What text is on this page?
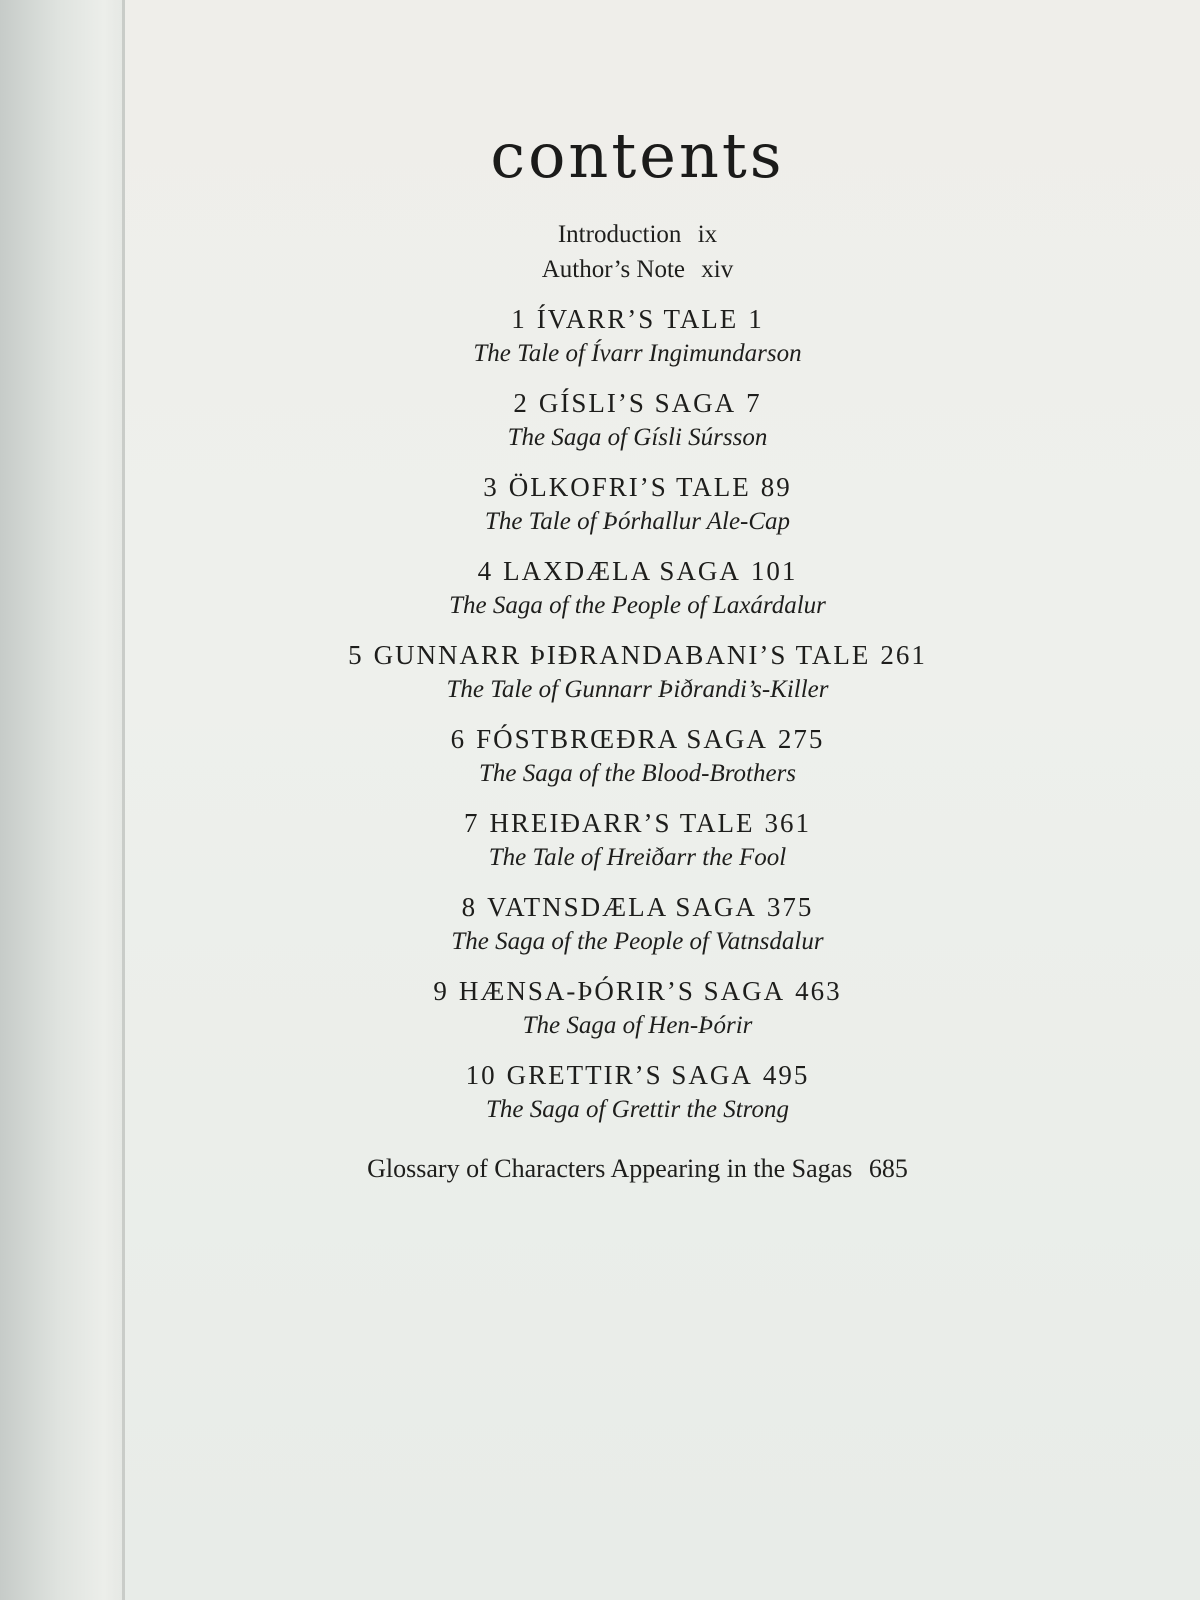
contents
Introduction ix
Author’s Note xiv
1 ÍVARR’S TALE 1
The Tale of Ívarr Ingimundarson
2 GÍSLI’S SAGA 7
The Saga of Gísli Súrsson
3 ÖLKOFRI’S TALE 89
The Tale of Þórhallur Ale-Cap
4 LAXDÆLA SAGA 101
The Saga of the People of Laxárdalur
5 GUNNARR ÞIÐRANDABANI’S TALE 261
The Tale of Gunnarr Þiðrandi’s-Killer
6 FÓSTBRŒÐRA SAGA 275
The Saga of the Blood-Brothers
7 HREIÐARR’S TALE 361
The Tale of Hreiðarr the Fool
8 VATNSDÆLA SAGA 375
The Saga of the People of Vatnsdalur
9 HÆNSA-ÞÓRIR’S SAGA 463
The Saga of Hen-Þórir
10 GRETTIR’S SAGA 495
The Saga of Grettir the Strong
Glossary of Characters Appearing in the Sagas 685
